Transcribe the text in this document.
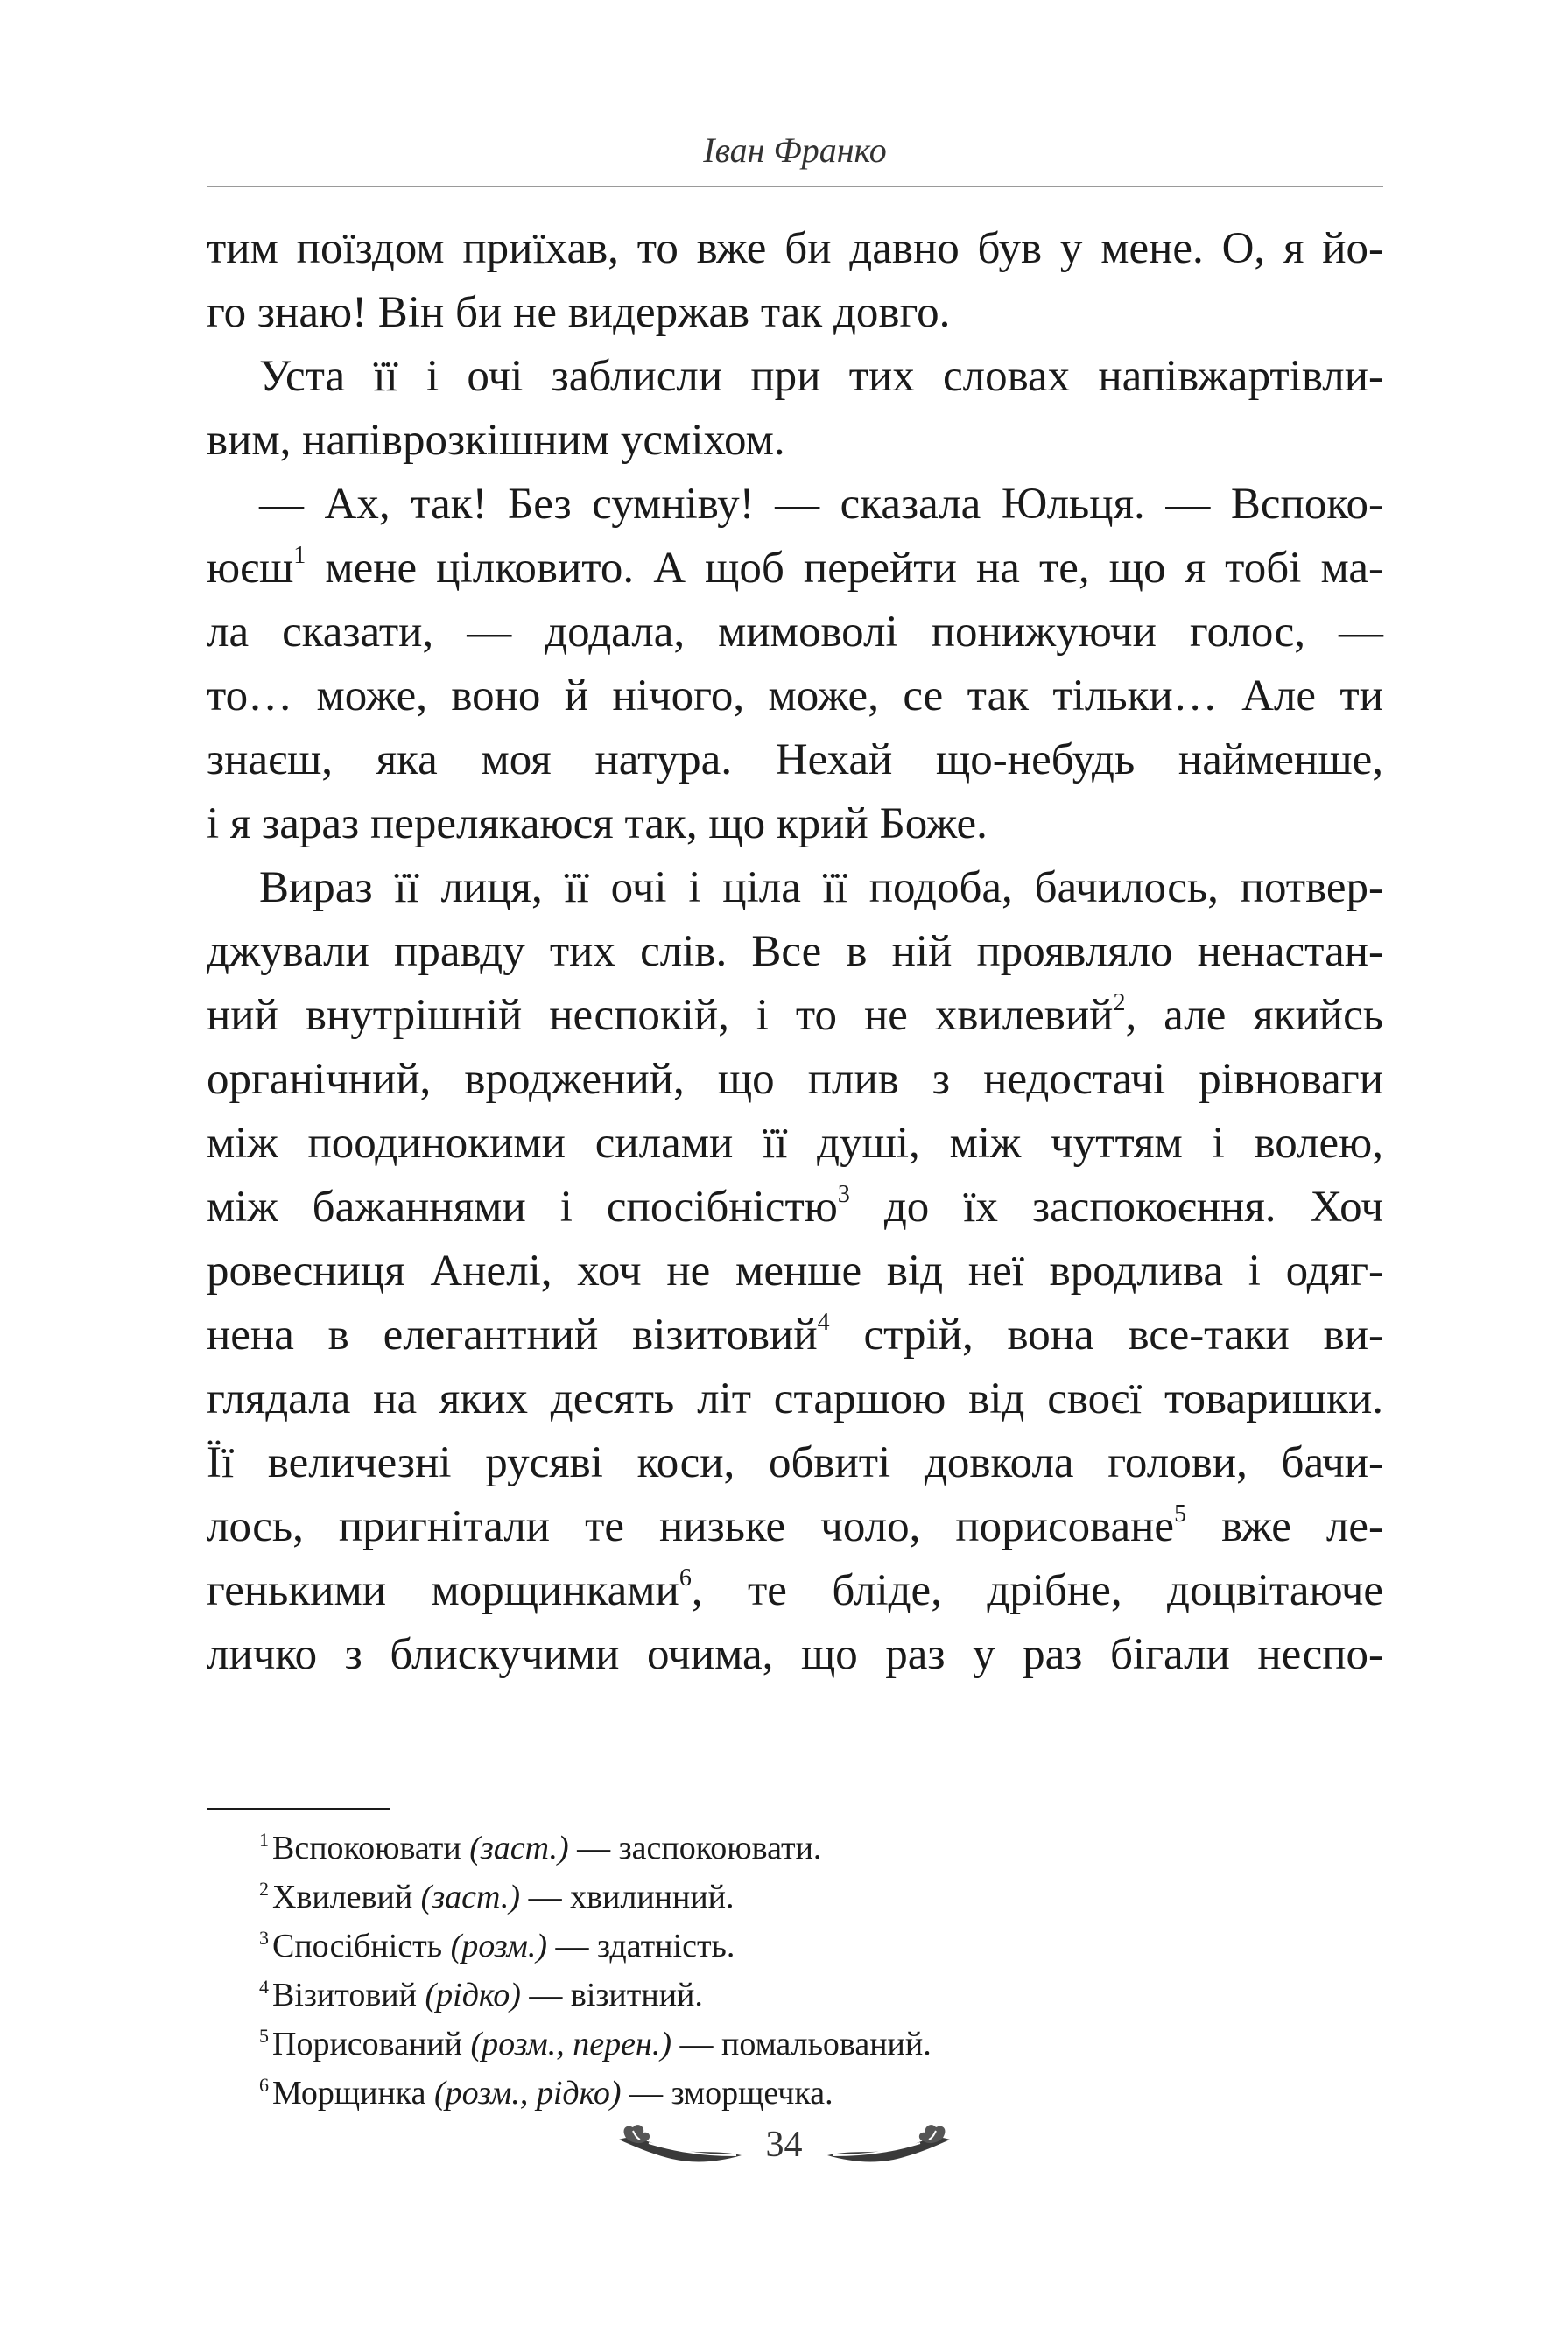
Іван Франко
тим поїздом приїхав, то вже би давно був у мене. О, я йо-
го знаю! Він би не видержав так довго.
Уста її і очі заблисли при тих словах напівжартівли-
вим, напіврозкішним усміхом.
— Ах, так! Без сумніву! — сказала Юльця. — Вспоко-
юєш$^1$ мене цілковито. А щоб перейти на те, що я тобі ма-
ла сказати, — додала, мимоволі понижуючи голос, —
то… може, воно й нічого, може, се так тільки… Але ти
знаєш, яка моя натура. Нехай що-небудь найменше,
і я зараз перелякаюся так, що крий Боже.
Вираз її лиця, її очі і ціла її подоба, бачилось, потвер-
джували правду тих слів. Все в ній проявляло ненастан-
ний внутрішній неспокій, і то не хвилевий$^2$, але якийсь
органічний, вроджений, що плив з недостачі рівноваги
між поодинокими силами її душі, між чуттям і волею,
між бажаннями і спосібністю$^3$ до їх заспокоєння. Хоч
ровесниця Анелі, хоч не менше від неї вродлива і одяг-
нена в елегантний візитовий$^4$ стрій, вона все-таки ви-
глядала на яких десять літ старшою від своєї товаришки.
Її величезні русяві коси, обвиті довкола голови, бачи-
лось, пригнітали те низьке чоло, порисоване$^5$ вже ле-
генькими морщинками$^6$, те бліде, дрібне, доцвітаюче
личко з блискучими очима, що раз у раз бігали неспо-
$^1$ Вспокоювати (заст.) — заспокоювати.
$^2$ Хвилевий (заст.) — хвилинний.
$^3$ Спосібність (розм.) — здатність.
$^4$ Візитовий (рідко) — візитний.
$^5$ Порисований (розм., перен.) — помальований.
$^6$ Морщинка (розм., рідко) — зморщечка.
34
